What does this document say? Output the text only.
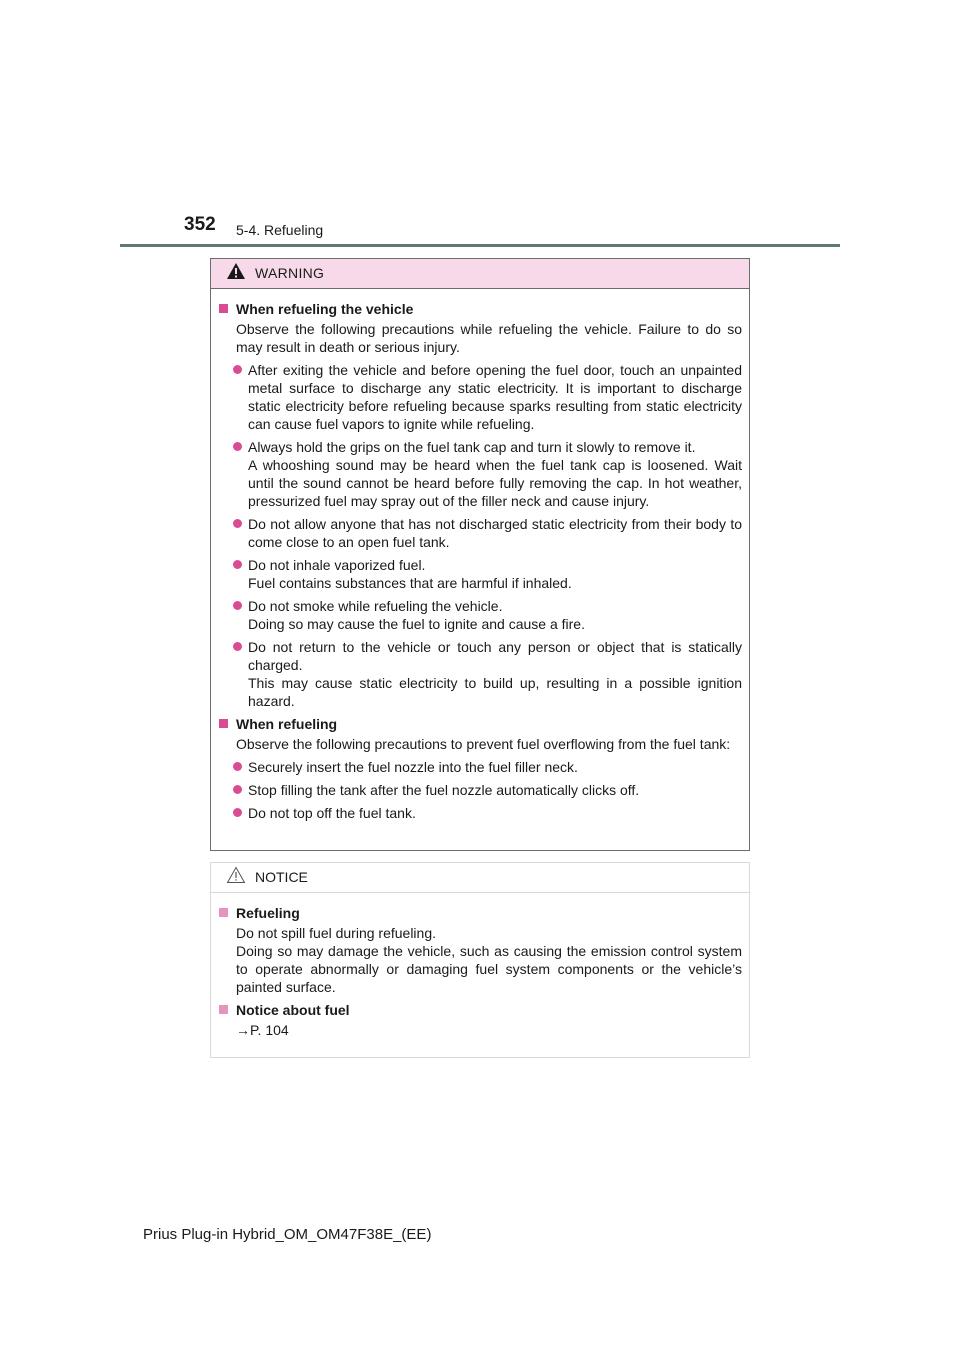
352 5-4. Refueling
WARNING
When refueling the vehicle
Observe the following precautions while refueling the vehicle. Failure to do so may result in death or serious injury.
After exiting the vehicle and before opening the fuel door, touch an unpainted metal surface to discharge any static electricity. It is important to discharge static electricity before refueling because sparks resulting from static electricity can cause fuel vapors to ignite while refueling.
Always hold the grips on the fuel tank cap and turn it slowly to remove it.
A whooshing sound may be heard when the fuel tank cap is loosened. Wait until the sound cannot be heard before fully removing the cap. In hot weather, pressurized fuel may spray out of the filler neck and cause injury.
Do not allow anyone that has not discharged static electricity from their body to come close to an open fuel tank.
Do not inhale vaporized fuel.
Fuel contains substances that are harmful if inhaled.
Do not smoke while refueling the vehicle.
Doing so may cause the fuel to ignite and cause a fire.
Do not return to the vehicle or touch any person or object that is statically charged.
This may cause static electricity to build up, resulting in a possible ignition hazard.
When refueling
Observe the following precautions to prevent fuel overflowing from the fuel tank:
Securely insert the fuel nozzle into the fuel filler neck.
Stop filling the tank after the fuel nozzle automatically clicks off.
Do not top off the fuel tank.
NOTICE
Refueling
Do not spill fuel during refueling.
Doing so may damage the vehicle, such as causing the emission control system to operate abnormally or damaging fuel system components or the vehicle’s painted surface.
Notice about fuel
→P. 104
Prius Plug-in Hybrid_OM_OM47F38E_(EE)
